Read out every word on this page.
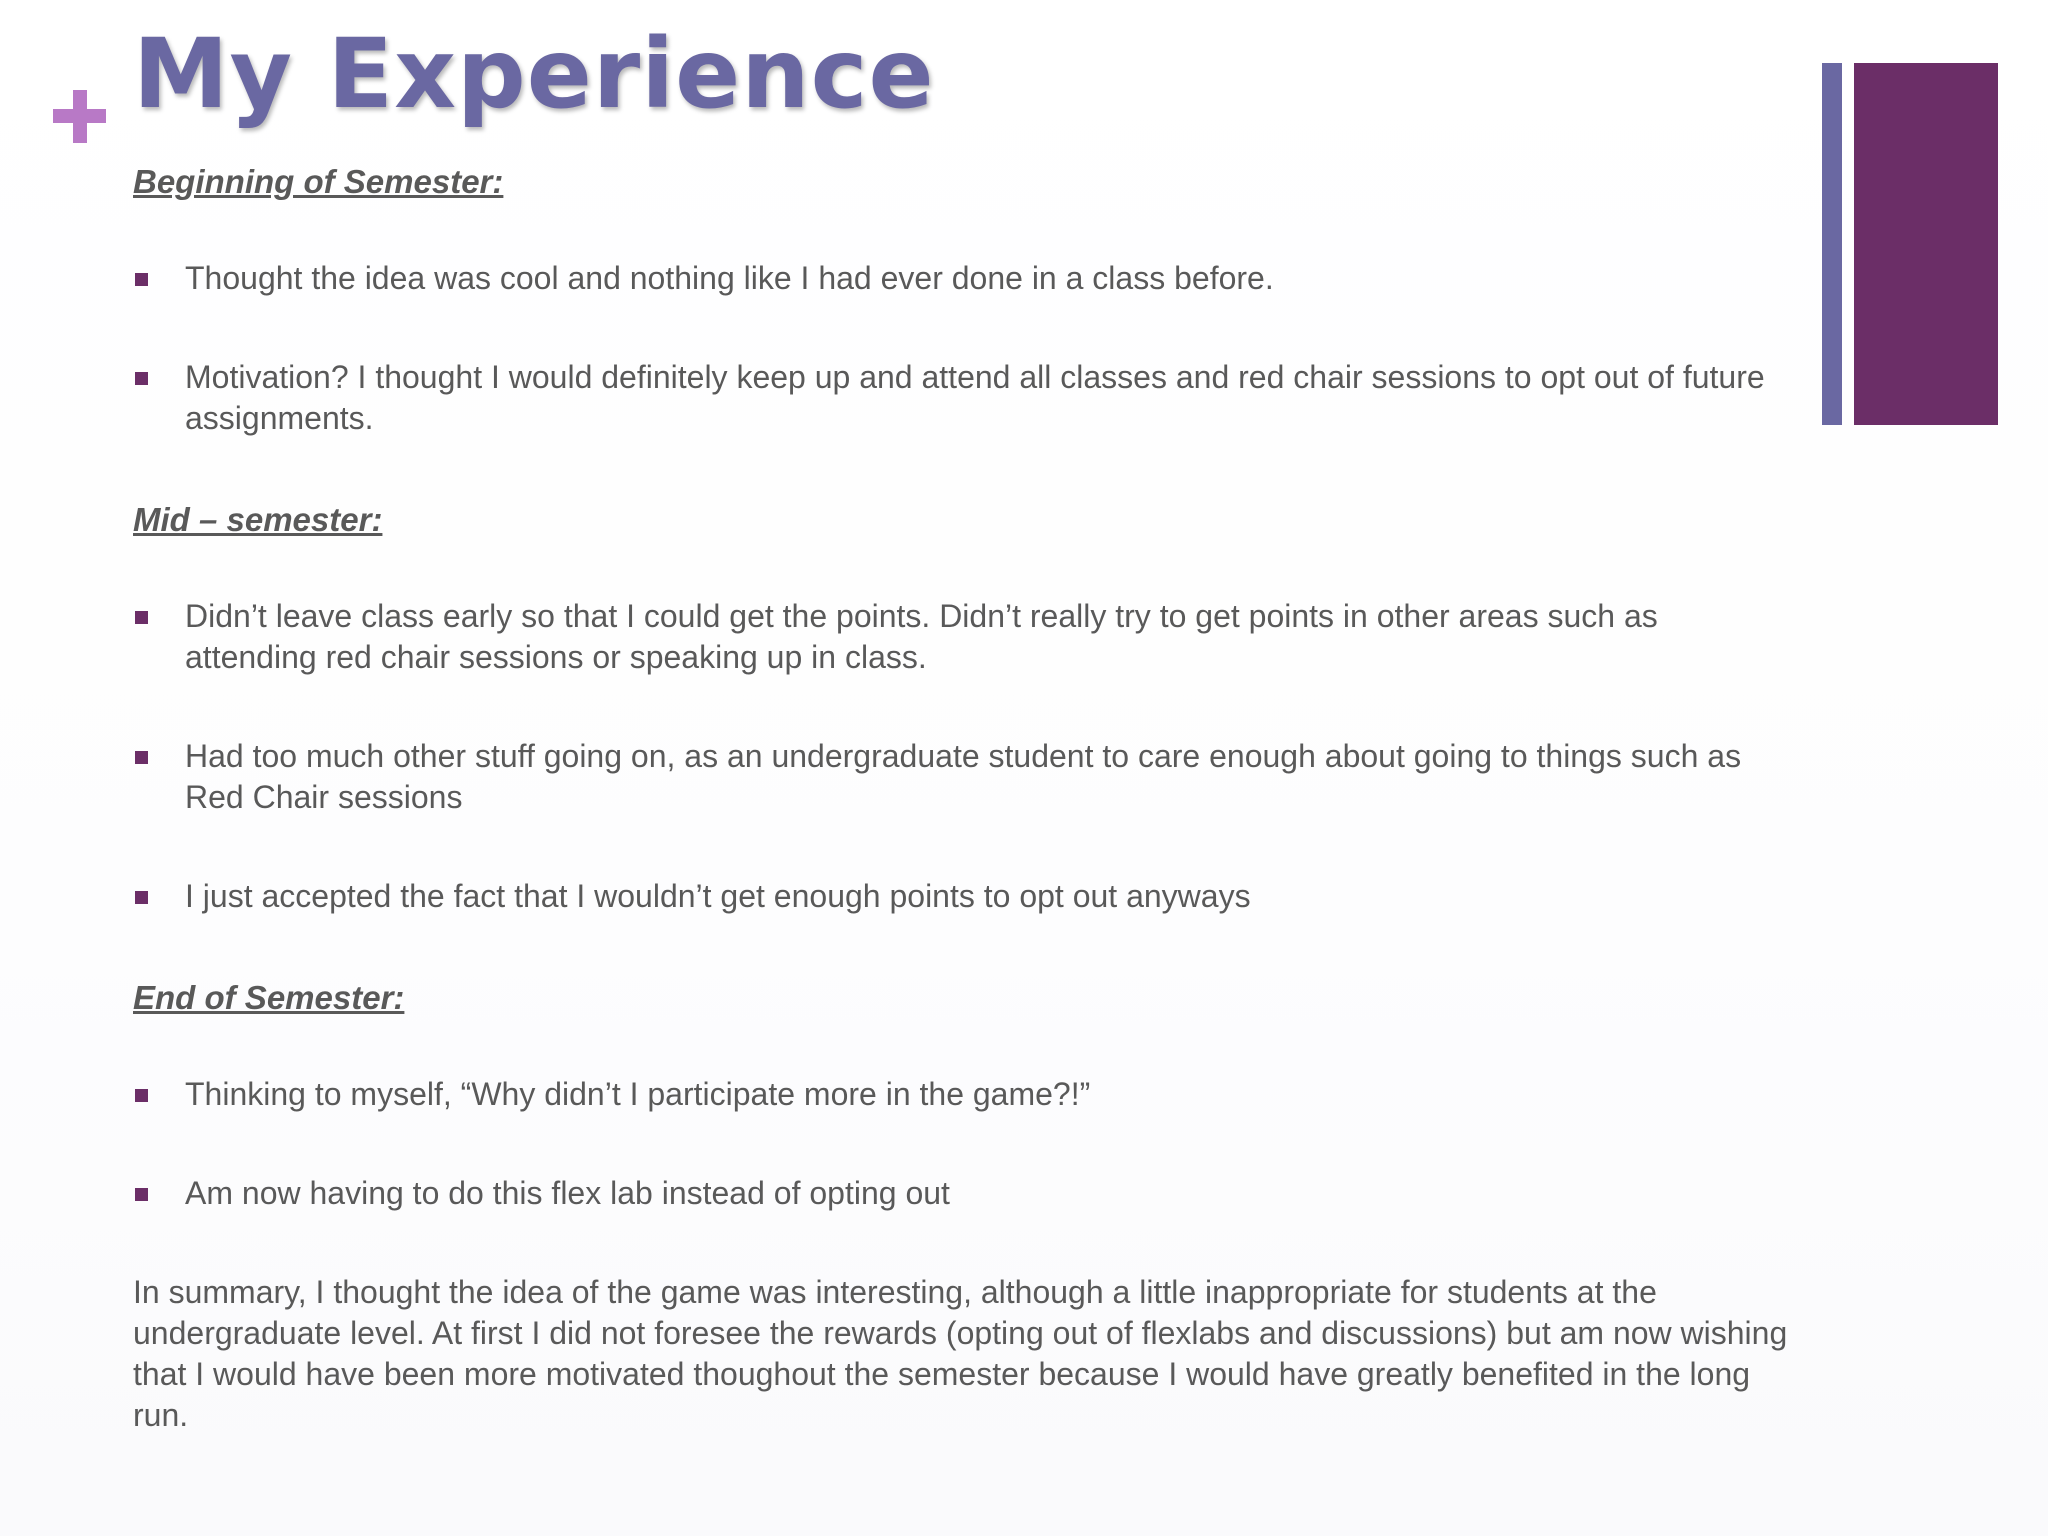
My Experience

Beginning of Semester:

Thought the idea was cool and nothing like I had ever done in a class before.
Motivation? I thought I would definitely keep up and attend all classes and red chair sessions to opt out of future assignments.

Mid – semester:

Didn’t leave class early so that I could get the points. Didn’t really try to get points in other areas such as attending red chair sessions or speaking up in class.
Had too much other stuff going on, as an undergraduate student to care enough about going to things such as Red Chair sessions
I just accepted the fact that I wouldn’t get enough points to opt out anyways

End of Semester:

Thinking to myself, “Why didn’t I participate more in the game?!”
Am now having to do this flex lab instead of opting out

In summary, I thought the idea of the game was interesting, although a little inappropriate for students at the undergraduate level. At first I did not foresee the rewards (opting out of flexlabs and discussions) but am now wishing that I would have been more motivated thoughout the semester because I would have greatly benefited in the long run.
